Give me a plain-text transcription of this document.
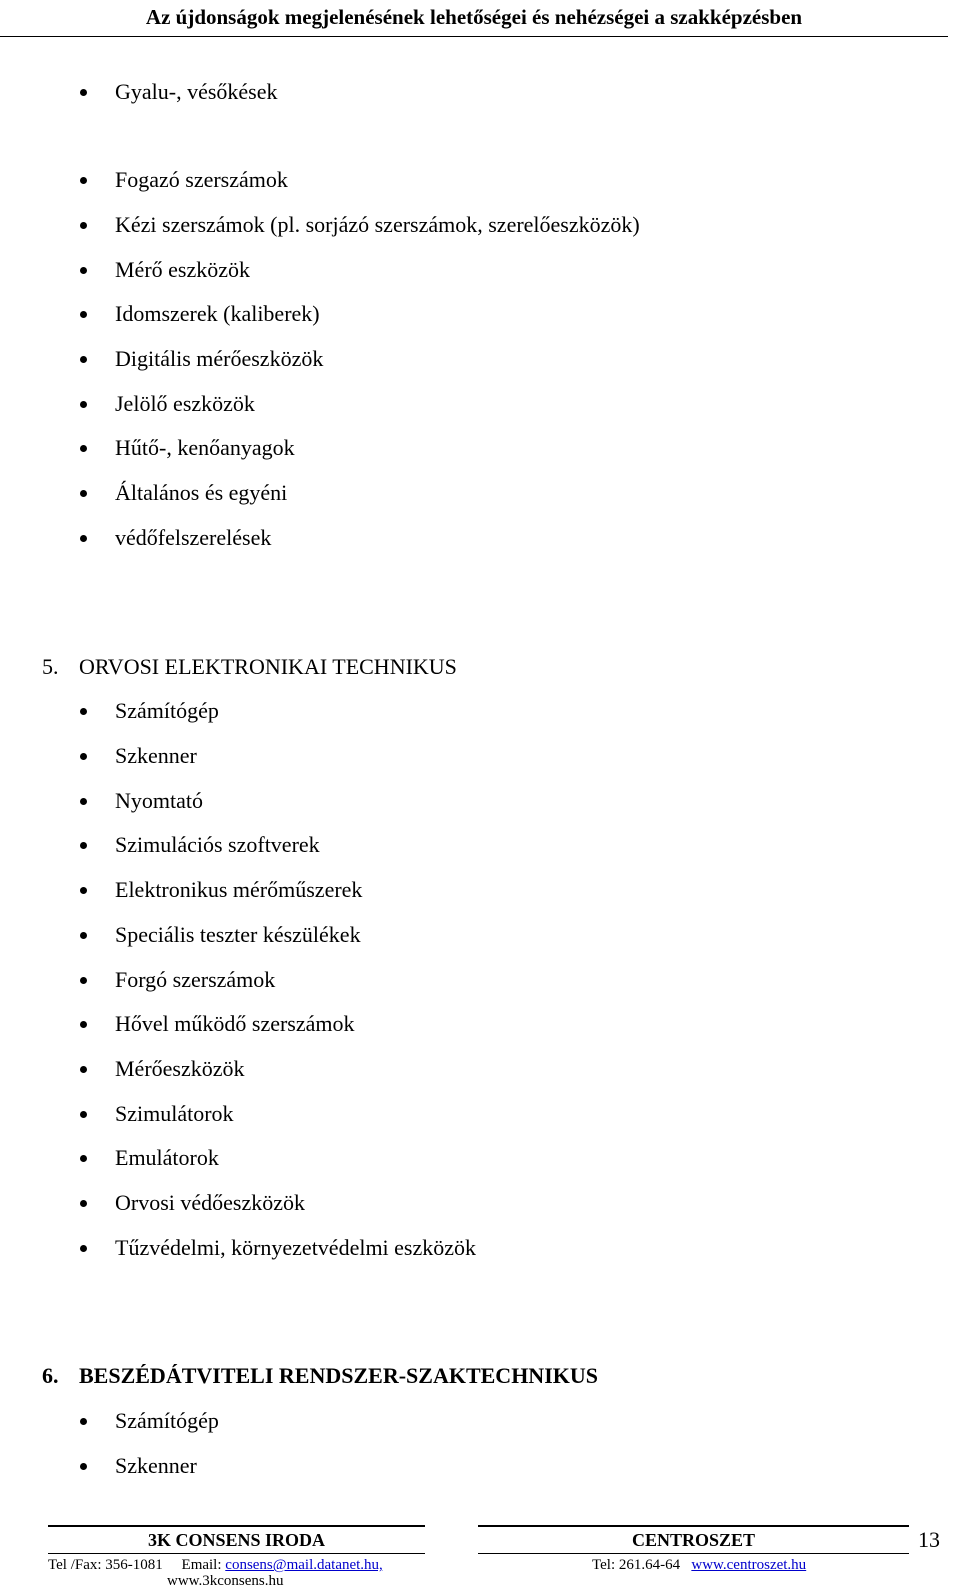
Az újdonságok megjelenésének lehetőségei és nehézségei a szakképzésben
Gyalu-, vésőkések
Fogazó szerszámok
Kézi szerszámok (pl. sorjázó szerszámok, szerelőeszközök)
Mérő eszközök
Idomszerek (kaliberek)
Digitális mérőeszközök
Jelölő eszközök
Hűtő-, kenőanyagok
Általános és egyéni
védőfelszerelések
5. ORVOSI ELEKTRONIKAI TECHNIKUS
Számítógép
Szkenner
Nyomtató
Szimulációs szoftverek
Elektronikus mérőműszerek
Speciális teszter készülékek
Forgó szerszámok
Hővel működő szerszámok
Mérőeszközök
Szimulátorok
Emulátorok
Orvosi védőeszközök
Tűzvédelmi, környezetvédelmi eszközök
6. BESZÉDÁTVITELI RENDSZER-SZAKTECHNIKUS
Számítógép
Szkenner
3K CONSENS IRODA	CENTROSZET	13
Tel /Fax: 356-1081 Email: consens@mail.datanet.hu,
www.3kconsens.hu
Tel: 261.64-64 www.centroszet.hu
